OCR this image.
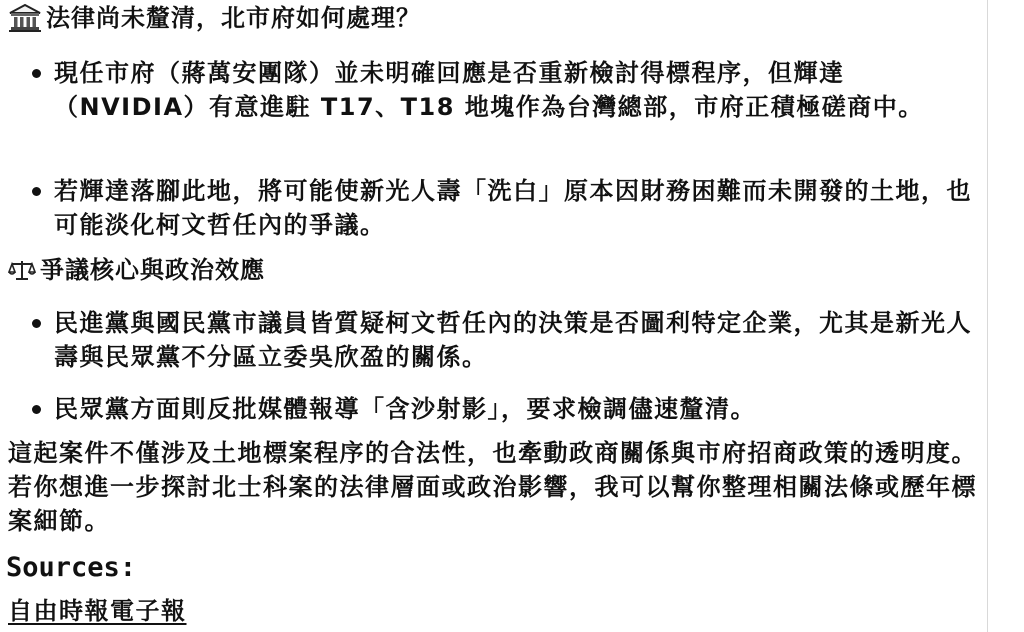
法律尚未釐清，北市府如何處理？
現任市府（蔣萬安團隊）並未明確回應是否重新檢討得標程序，但輝達（NVIDIA）有意進駐 T17、T18 地塊作為台灣總部，市府正積極磋商中。
若輝達落腳此地，將可能使新光人壽「洗白」原本因財務困難而未開發的土地，也可能淡化柯文哲任內的爭議。
爭議核心與政治效應
民進黨與國民黨市議員皆質疑柯文哲任內的決策是否圖利特定企業，尤其是新光人壽與民眾黨不分區立委吳欣盈的關係。
民眾黨方面則反批媒體報導「含沙射影」，要求檢調儘速釐清。
這起案件不僅涉及土地標案程序的合法性，也牽動政商關係與市府招商政策的透明度。若你想進一步探討北士科案的法律層面或政治影響，我可以幫你整理相關法條或歷年標案細節。
Sources:
自由時報電子報
